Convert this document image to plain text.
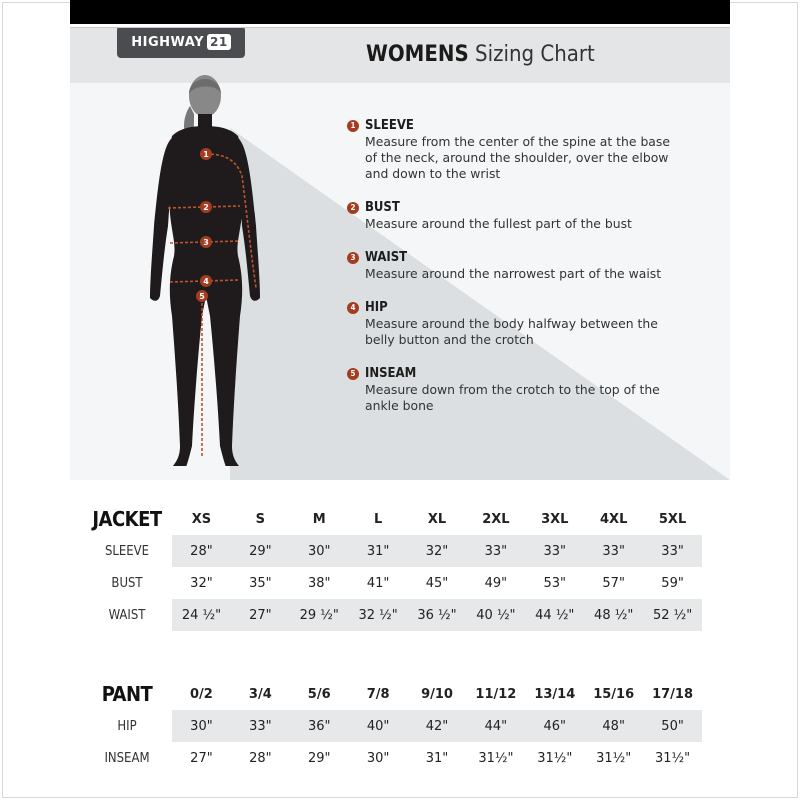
HIGHWAY 21	WOMENS Sizing Chart
1
2
3
4
5
1 SLEEVE
Measure from the center of the spine at the base of the neck, around the shoulder, over the elbow and down to the wrist
2 BUST
Measure around the fullest part of the bust
3 WAIST
Measure around the narrowest part of the waist
4 HIP
Measure around the body halfway between the belly button and the crotch
5 INSEAM
Measure down from the crotch to the top of the ankle bone
JACKET	XS	S	M	L	XL	2XL	3XL	4XL	5XL
SLEEVE	28"	29"	30"	31"	32"	33"	33"	33"	33"
BUST	32"	35"	38"	41"	45"	49"	53"	57"	59"
WAIST	24 ½"	27"	29 ½"	32 ½"	36 ½"	40 ½"	44 ½"	48 ½"	52 ½"
PANT	0/2	3/4	5/6	7/8	9/10	11/12	13/14	15/16	17/18
HIP	30"	33"	36"	40"	42"	44"	46"	48"	50"
INSEAM	27"	28"	29"	30"	31"	31½"	31½"	31½"	31½"
